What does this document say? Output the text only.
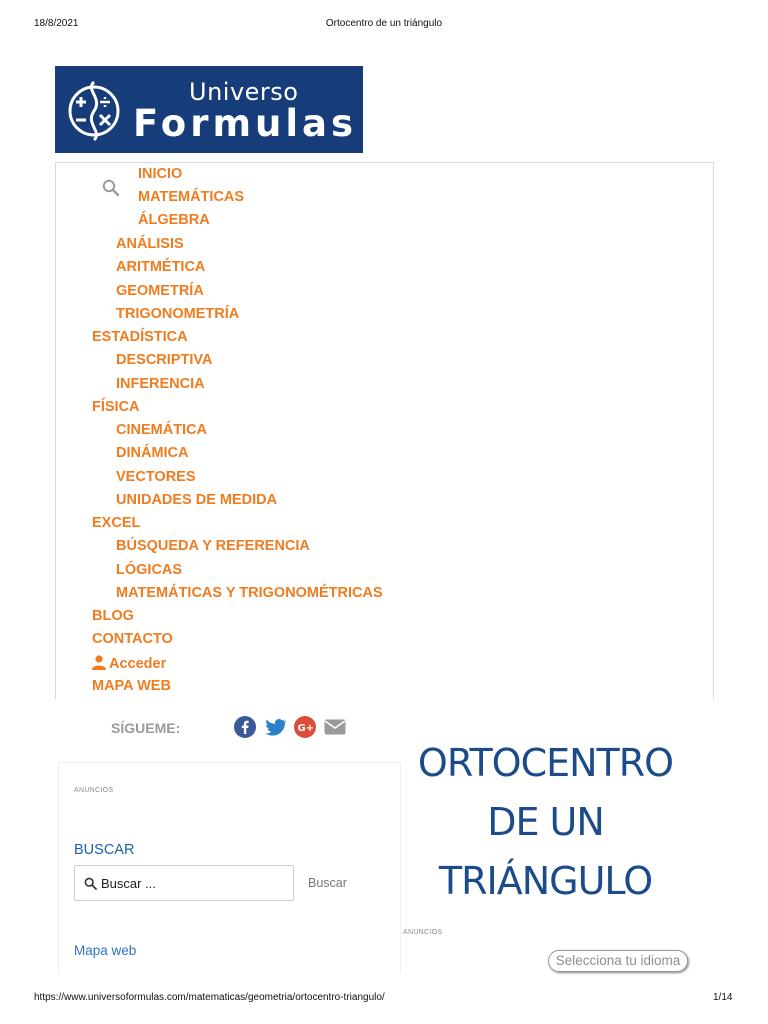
18/8/2021	Ortocentro de un triángulo
Universo
Formulas
INICIO
MATEMÁTICAS
ÁLGEBRA
ANÁLISIS
ARITMÉTICA
GEOMETRÍA
TRIGONOMETRÍA
ESTADÍSTICA
DESCRIPTIVA
INFERENCIA
FÍSICA
CINEMÁTICA
DINÁMICA
VECTORES
UNIDADES DE MEDIDA
EXCEL
BÚSQUEDA Y REFERENCIA
LÓGICAS
MATEMÁTICAS Y TRIGONOMÉTRICAS
BLOG
CONTACTO
Acceder
MAPA WEB
SÍGUEME:	G+
ANUNCIOS
BUSCAR
Buscar ...	Buscar
Mapa web
ORTOCENTRO
DE UN
TRIÁNGULO
ANUNCIOS
Selecciona tu idioma
https://www.universoformulas.com/matematicas/geometria/ortocentro-triangulo/	1/14
